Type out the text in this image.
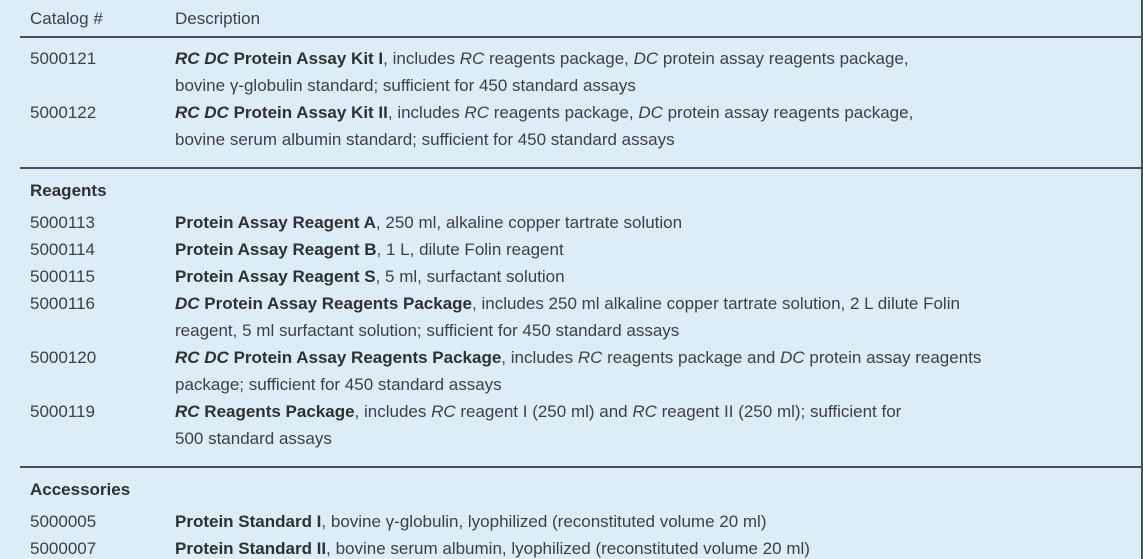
Catalog #	Description
5000121	RC DC Protein Assay Kit I, includes RC reagents package, DC protein assay reagents package,
bovine γ-globulin standard; sufficient for 450 standard assays
5000122	RC DC Protein Assay Kit II, includes RC reagents package, DC protein assay reagents package,
bovine serum albumin standard; sufficient for 450 standard assays
Reagents
5000113	Protein Assay Reagent A, 250 ml, alkaline copper tartrate solution
5000114	Protein Assay Reagent B, 1 L, dilute Folin reagent
5000115	Protein Assay Reagent S, 5 ml, surfactant solution
5000116	DC Protein Assay Reagents Package, includes 250 ml alkaline copper tartrate solution, 2 L dilute Folin
reagent, 5 ml surfactant solution; sufficient for 450 standard assays
5000120	RC DC Protein Assay Reagents Package, includes RC reagents package and DC protein assay reagents
package; sufficient for 450 standard assays
5000119	RC Reagents Package, includes RC reagent I (250 ml) and RC reagent II (250 ml); sufficient for
500 standard assays
Accessories
5000005	Protein Standard I, bovine γ-globulin, lyophilized (reconstituted volume 20 ml)
5000007	Protein Standard II, bovine serum albumin, lyophilized (reconstituted volume 20 ml)
